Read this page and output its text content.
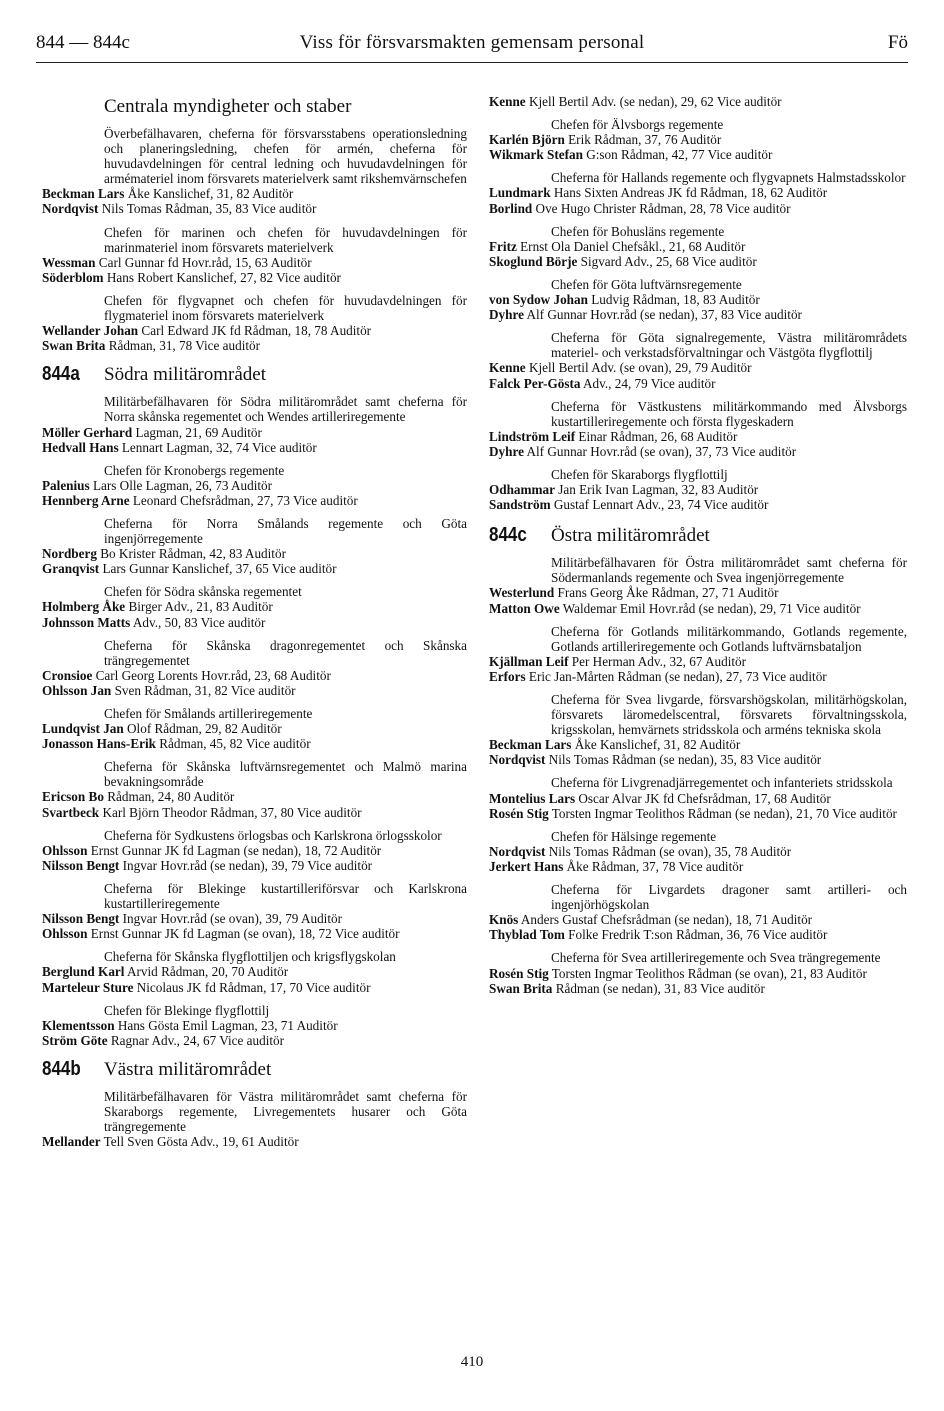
844 — 844c	Viss för försvarsmakten gemensam personal	Fö
Centrala myndigheter och staber
Överbefälhavaren, cheferna för försvarsstabens operationsledning och planeringsledning, chefen för armén, cheferna för huvudavdelningen för central ledning och huvudavdelningen för armémateriel inom försvarets materielverk samt rikshemvärnschefen
Beckman Lars Åke Kanslichef, 31, 82 Auditör
Nordqvist Nils Tomas Rådman, 35, 83 Vice auditör
Chefen för marinen och chefen för huvudavdelningen för marinmateriel inom försvarets materielverk
Wessman Carl Gunnar fd Hovr.råd, 15, 63 Auditör
Söderblom Hans Robert Kanslichef, 27, 82 Vice auditör
Chefen för flygvapnet och chefen för huvudavdelningen för flygmateriel inom försvarets materielverk
Wellander Johan Carl Edward JK fd Rådman, 18, 78 Auditör
Swan Brita Rådman, 31, 78 Vice auditör
844a Södra militärområdet
Militärbefälhavaren för Södra militärområdet samt cheferna för Norra skånska regementet och Wendes artilleriregemente
Möller Gerhard Lagman, 21, 69 Auditör
Hedvall Hans Lennart Lagman, 32, 74 Vice auditör
Chefen för Kronobergs regemente
Palenius Lars Olle Lagman, 26, 73 Auditör
Hennberg Arne Leonard Chefsrådman, 27, 73 Vice auditör
Cheferna för Norra Smålands regemente och Göta ingenjörregemente
Nordberg Bo Krister Rådman, 42, 83 Auditör
Granqvist Lars Gunnar Kanslichef, 37, 65 Vice auditör
Chefen för Södra skånska regementet
Holmberg Åke Birger Adv., 21, 83 Auditör
Johnsson Matts Adv., 50, 83 Vice auditör
Cheferna för Skånska dragonregementet och Skånska trängregementet
Cronsioe Carl Georg Lorents Hovr.råd, 23, 68 Auditör
Ohlsson Jan Sven Rådman, 31, 82 Vice auditör
Chefen för Smålands artilleriregemente
Lundqvist Jan Olof Rådman, 29, 82 Auditör
Jonasson Hans-Erik Rådman, 45, 82 Vice auditör
Cheferna för Skånska luftvärnsregementet och Malmö marina bevakningsområde
Ericson Bo Rådman, 24, 80 Auditör
Svartbeck Karl Björn Theodor Rådman, 37, 80 Vice auditör
Cheferna för Sydkustens örlogsbas och Karlskrona örlogsskolor
Ohlsson Ernst Gunnar JK fd Lagman (se nedan), 18, 72 Auditör
Nilsson Bengt Ingvar Hovr.råd (se nedan), 39, 79 Vice auditör
Cheferna för Blekinge kustartilleriförsvar och Karlskrona kustartilleriregemente
Nilsson Bengt Ingvar Hovr.råd (se ovan), 39, 79 Auditör
Ohlsson Ernst Gunnar JK fd Lagman (se ovan), 18, 72 Vice auditör
Cheferna för Skånska flygflottiljen och krigsflygskolan
Berglund Karl Arvid Rådman, 20, 70 Auditör
Marteleur Sture Nicolaus JK fd Rådman, 17, 70 Vice auditör
Chefen för Blekinge flygflottilj
Klementsson Hans Gösta Emil Lagman, 23, 71 Auditör
Ström Göte Ragnar Adv., 24, 67 Vice auditör
844b Västra militärområdet
Militärbefälhavaren för Västra militärområdet samt cheferna för Skaraborgs regemente, Livregementets husarer och Göta trängregemente
Mellander Tell Sven Gösta Adv., 19, 61 Auditör
Kenne Kjell Bertil Adv. (se nedan), 29, 62 Vice auditör
Chefen för Älvsborgs regemente
Karlén Björn Erik Rådman, 37, 76 Auditör
Wikmark Stefan G:son Rådman, 42, 77 Vice auditör
Cheferna för Hallands regemente och flygvapnets Halmstadsskolor
Lundmark Hans Sixten Andreas JK fd Rådman, 18, 62 Auditör
Borlind Ove Hugo Christer Rådman, 28, 78 Vice auditör
Chefen för Bohusläns regemente
Fritz Ernst Ola Daniel Chefsåkl., 21, 68 Auditör
Skoglund Börje Sigvard Adv., 25, 68 Vice auditör
Chefen för Göta luftvärnsregemente
von Sydow Johan Ludvig Rådman, 18, 83 Auditör
Dyhre Alf Gunnar Hovr.råd (se nedan), 37, 83 Vice auditör
Cheferna för Göta signalregemente, Västra militärområdets materiel- och verkstadsförvaltningar och Västgöta flygflottilj
Kenne Kjell Bertil Adv. (se ovan), 29, 79 Auditör
Falck Per-Gösta Adv., 24, 79 Vice auditör
Cheferna för Västkustens militärkommando med Älvsborgs kustartilleriregemente och första flygeskadern
Lindström Leif Einar Rådman, 26, 68 Auditör
Dyhre Alf Gunnar Hovr.råd (se ovan), 37, 73 Vice auditör
Chefen för Skaraborgs flygflottilj
Odhammar Jan Erik Ivan Lagman, 32, 83 Auditör
Sandström Gustaf Lennart Adv., 23, 74 Vice auditör
844c Östra militärområdet
Militärbefälhavaren för Östra militärområdet samt cheferna för Södermanlands regemente och Svea ingenjörregemente
Westerlund Frans Georg Åke Rådman, 27, 71 Auditör
Matton Owe Waldemar Emil Hovr.råd (se nedan), 29, 71 Vice auditör
Cheferna för Gotlands militärkommando, Gotlands regemente, Gotlands artilleriregemente och Gotlands luftvärnsbataljon
Kjällman Leif Per Herman Adv., 32, 67 Auditör
Erfors Eric Jan-Mårten Rådman (se nedan), 27, 73 Vice auditör
Cheferna för Svea livgarde, försvarshögskolan, militärhögskolan, försvarets läromedelscentral, försvarets förvaltningsskola, krigsskolan, hemvärnets stridsskola och arméns tekniska skola
Beckman Lars Åke Kanslichef, 31, 82 Auditör
Nordqvist Nils Tomas Rådman (se nedan), 35, 83 Vice auditör
Cheferna för Livgrenadjärregementet och infanteriets stridsskola
Montelius Lars Oscar Alvar JK fd Chefsrådman, 17, 68 Auditör
Rosén Stig Torsten Ingmar Teolithos Rådman (se nedan), 21, 70 Vice auditör
Chefen för Hälsinge regemente
Nordqvist Nils Tomas Rådman (se ovan), 35, 78 Auditör
Jerkert Hans Åke Rådman, 37, 78 Vice auditör
Cheferna för Livgardets dragoner samt artilleri- och ingenjörhögskolan
Knös Anders Gustaf Chefsrådman (se nedan), 18, 71 Auditör
Thyblad Tom Folke Fredrik T:son Rådman, 36, 76 Vice auditör
Cheferna för Svea artilleriregemente och Svea trängregemente
Rosén Stig Torsten Ingmar Teolithos Rådman (se ovan), 21, 83 Auditör
Swan Brita Rådman (se nedan), 31, 83 Vice auditör
410
